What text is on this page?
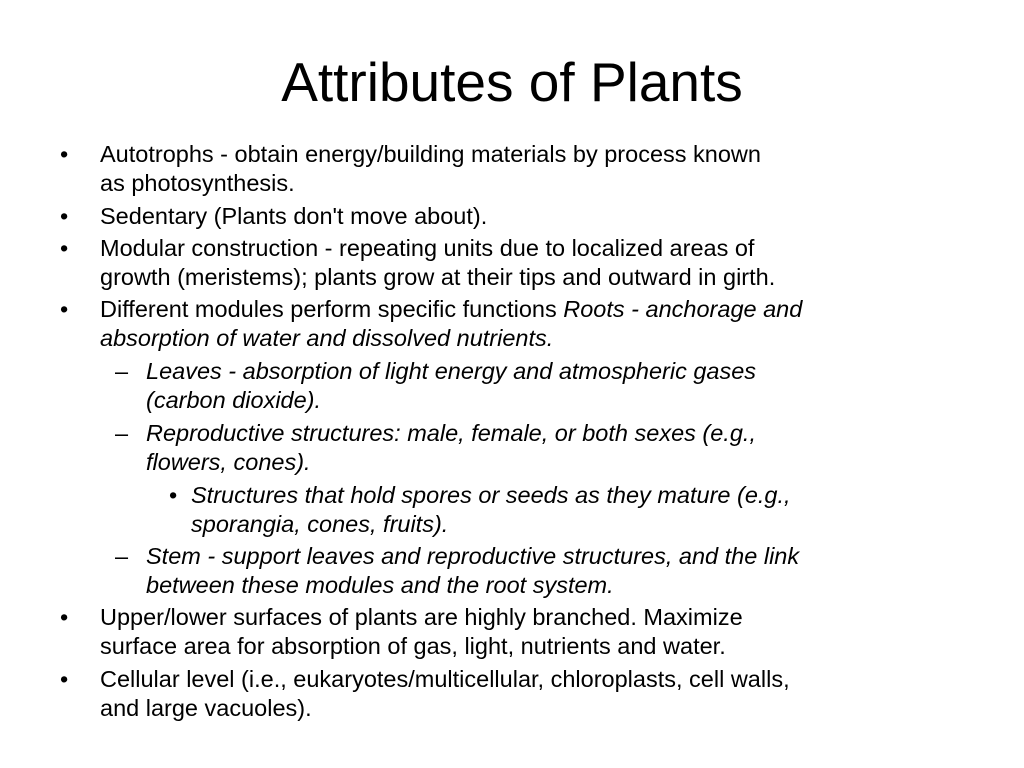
Attributes of Plants
• Autotrophs - obtain energy/building materials by process known
as photosynthesis.
• Sedentary (Plants don't move about).
• Modular construction - repeating units due to localized areas of
growth (meristems); plants grow at their tips and outward in girth.
• Different modules perform specific functions Roots - anchorage and
absorption of water and dissolved nutrients.
– Leaves - absorption of light energy and atmospheric gases
(carbon dioxide).
– Reproductive structures: male, female, or both sexes (e.g.,
flowers, cones).
• Structures that hold spores or seeds as they mature (e.g.,
sporangia, cones, fruits).
– Stem - support leaves and reproductive structures, and the link
between these modules and the root system.
• Upper/lower surfaces of plants are highly branched. Maximize
surface area for absorption of gas, light, nutrients and water.
• Cellular level (i.e., eukaryotes/multicellular, chloroplasts, cell walls,
and large vacuoles).
